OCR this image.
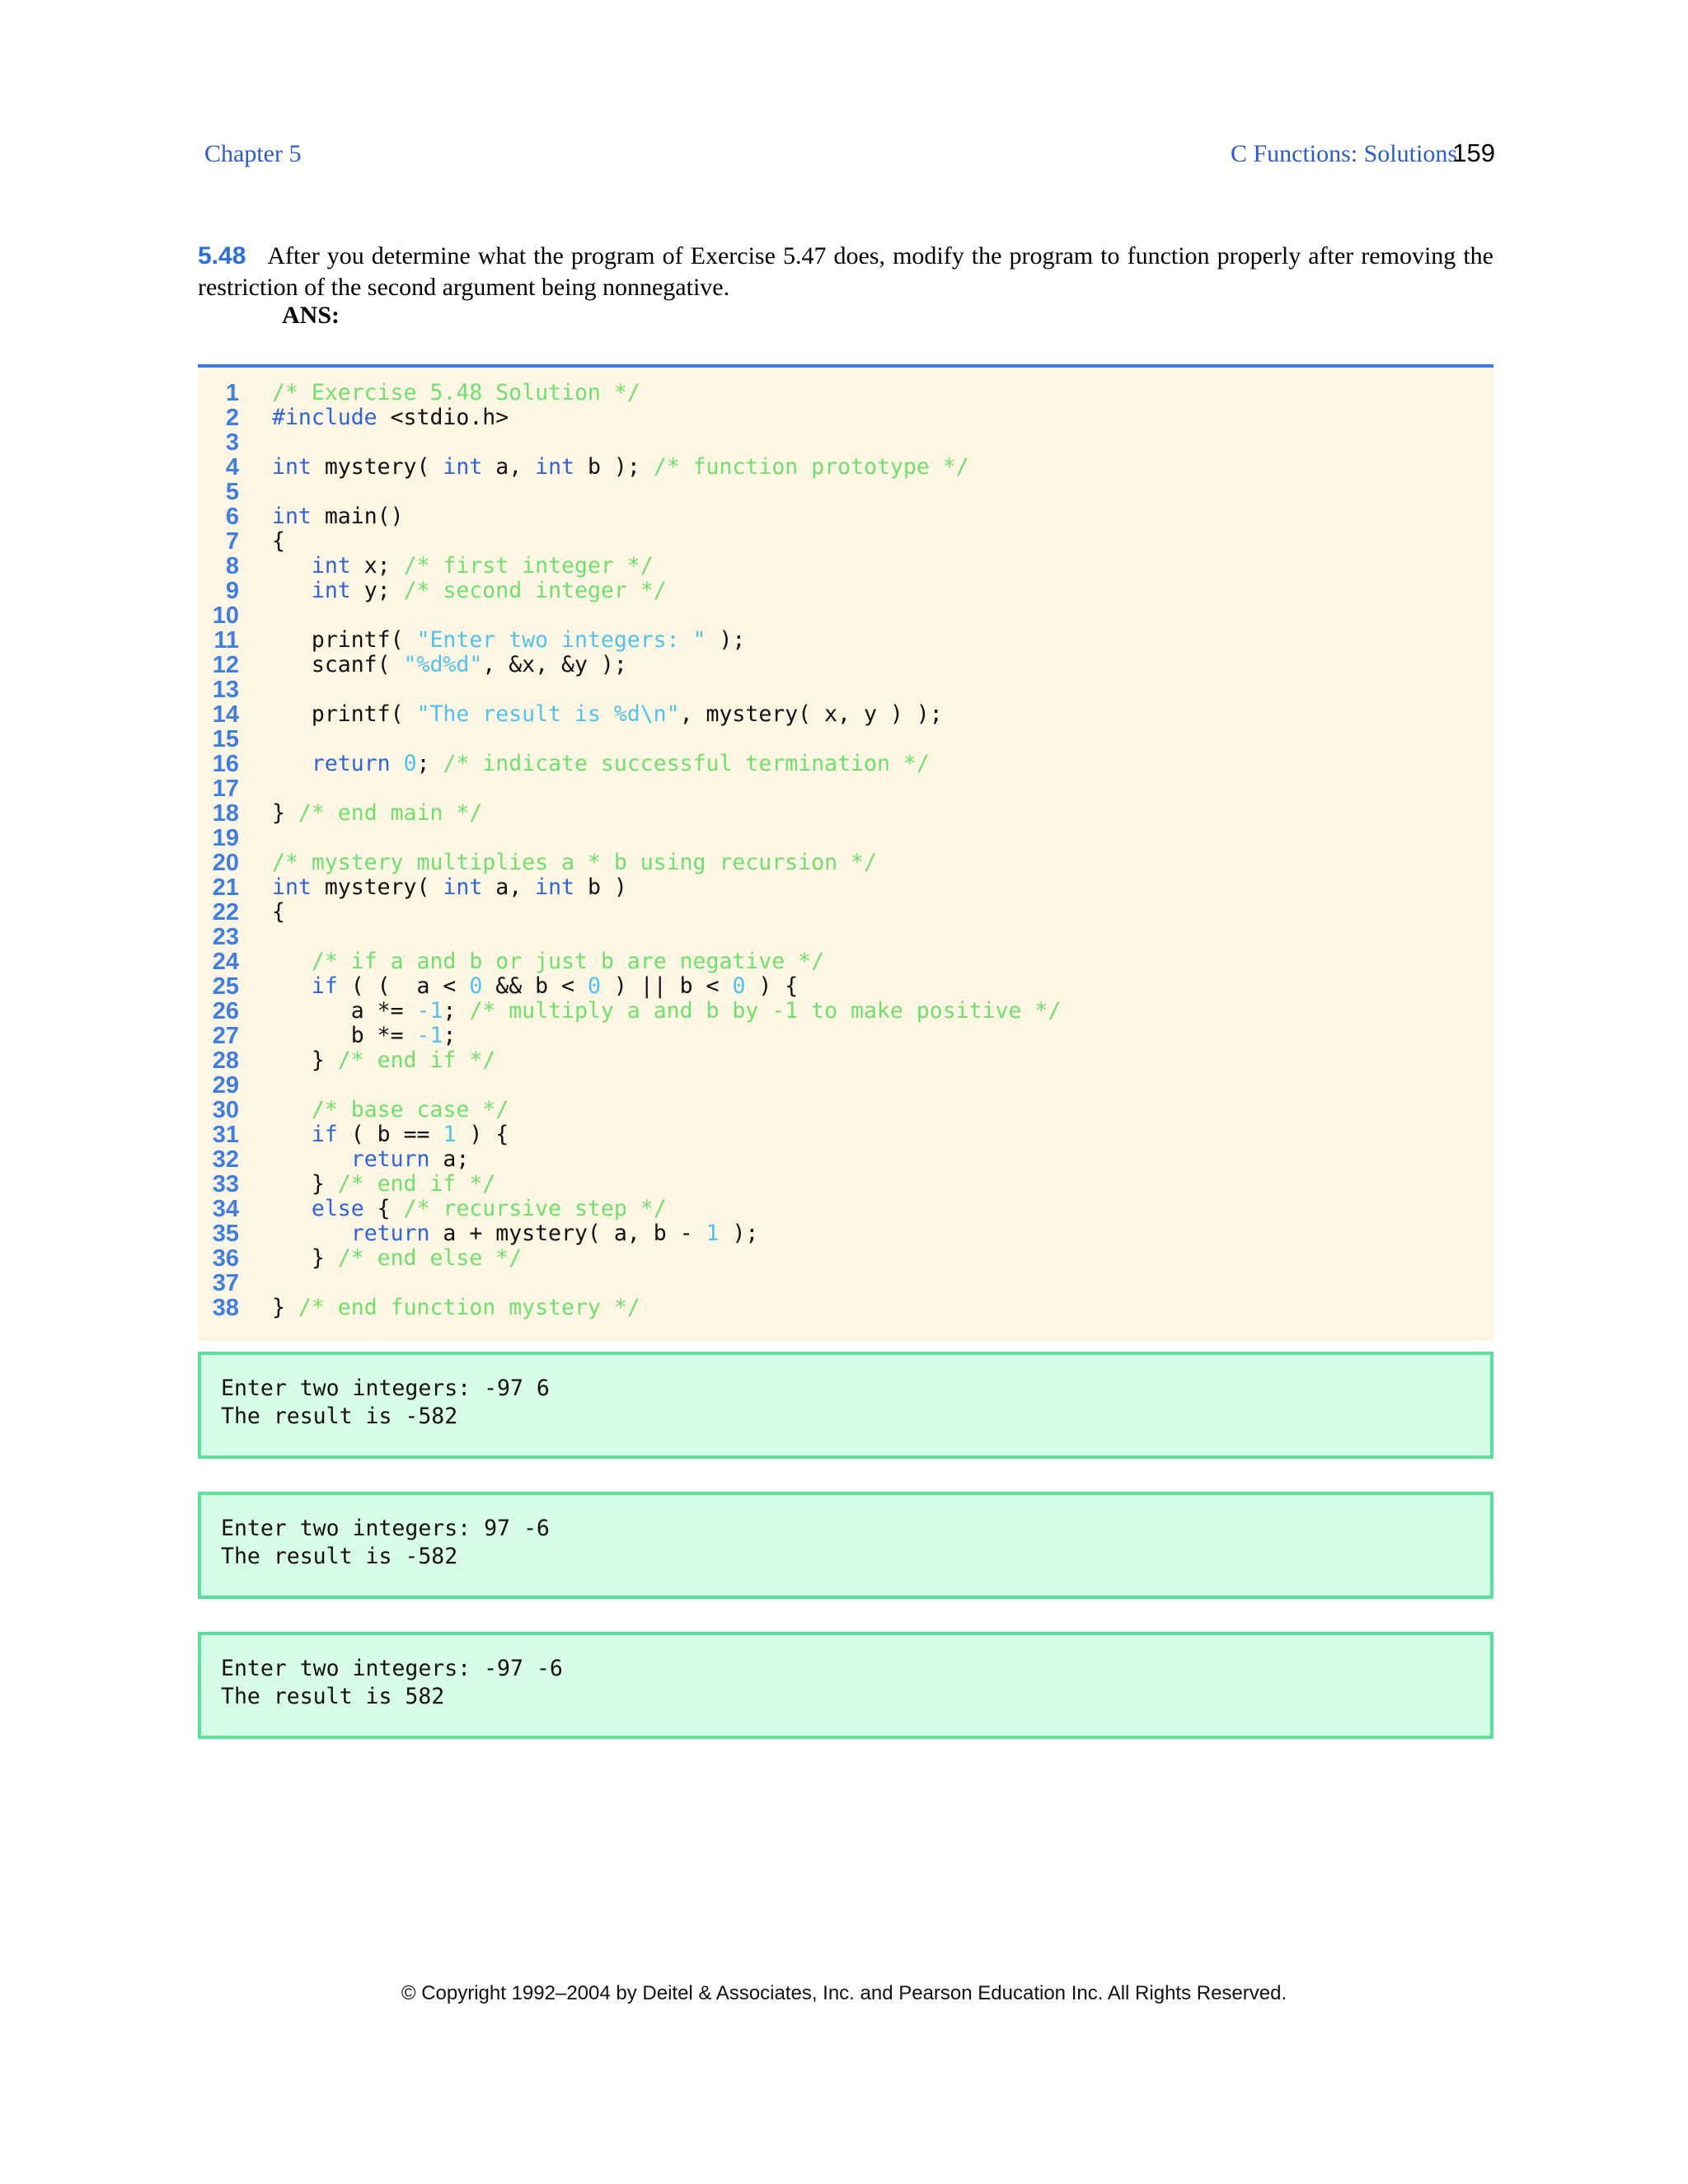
Chapter 5	C Functions: Solutions
159
5.48 After you determine what the program of Exercise 5.47 does, modify the program to function properly after removing the restriction of the second argument being nonnegative.
ANS:
1 /* Exercise 5.48 Solution */
2 #include <stdio.h>
3
4 int mystery( int a, int b ); /* function prototype */
5
6 int main()
7 {
8	int x; /* first integer */
9	int y; /* second integer */
10
11 printf( "Enter two integers: " );
12 scanf( "%d%d", &x, &y );
13
14 printf( "The result is %d\n", mystery( x, y ) );
15
16	return 0; /* indicate successful termination */
17
18 } /* end main */
19
20 /* mystery multiplies a * b using recursion */
21 int mystery( int a, int b )
22 {
23
24	/* if a and b or just b are negative */
25	if ( (  a < 0 && b < 0 ) || b < 0 ) {
26 a *= -1; /* multiply a and b by -1 to make positive */
27 b *= -1;
28 } /* end if */
29
30	/* base case */
31	if ( b == 1 ) {
32	return a;
33 } /* end if */
34	else { /* recursive step */
35	return a + mystery( a, b - 1 );
36 } /* end else */
37
38 } /* end function mystery */
Enter two integers: -97 6
The result is -582
Enter two integers: 97 -6
The result is -582
Enter two integers: -97 -6
The result is 582
© Copyright 1992–2004 by Deitel & Associates, Inc. and Pearson Education Inc. All Rights Reserved.
